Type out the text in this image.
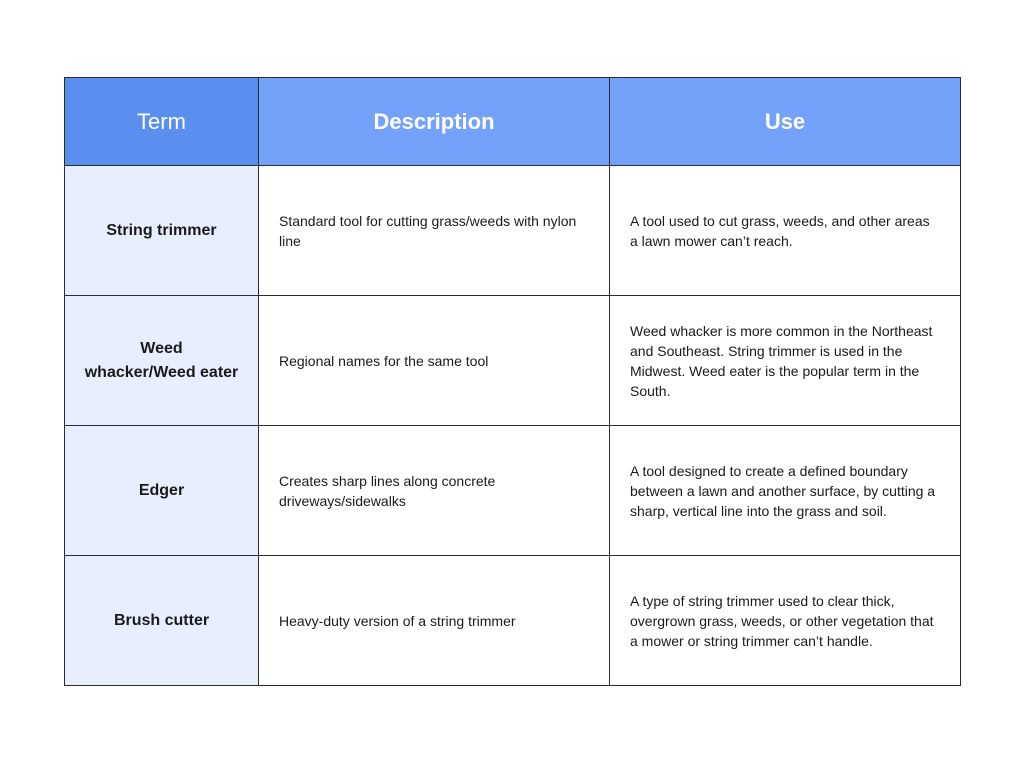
Term	Description	Use
String trimmer	Standard tool for cutting grass/weeds with nylon line	A tool used to cut grass, weeds, and other areas a lawn mower can’t reach.
Weed whacker/Weed eater	Regional names for the same tool	Weed whacker is more common in the Northeast and Southeast. String trimmer is used in the Midwest. Weed eater is the popular term in the South.
Edger	Creates sharp lines along concrete driveways/sidewalks	A tool designed to create a defined boundary between a lawn and another surface, by cutting a sharp, vertical line into the grass and soil.
Brush cutter	Heavy-duty version of a string trimmer	A type of string trimmer used to clear thick, overgrown grass, weeds, or other vegetation that a mower or string trimmer can’t handle.
